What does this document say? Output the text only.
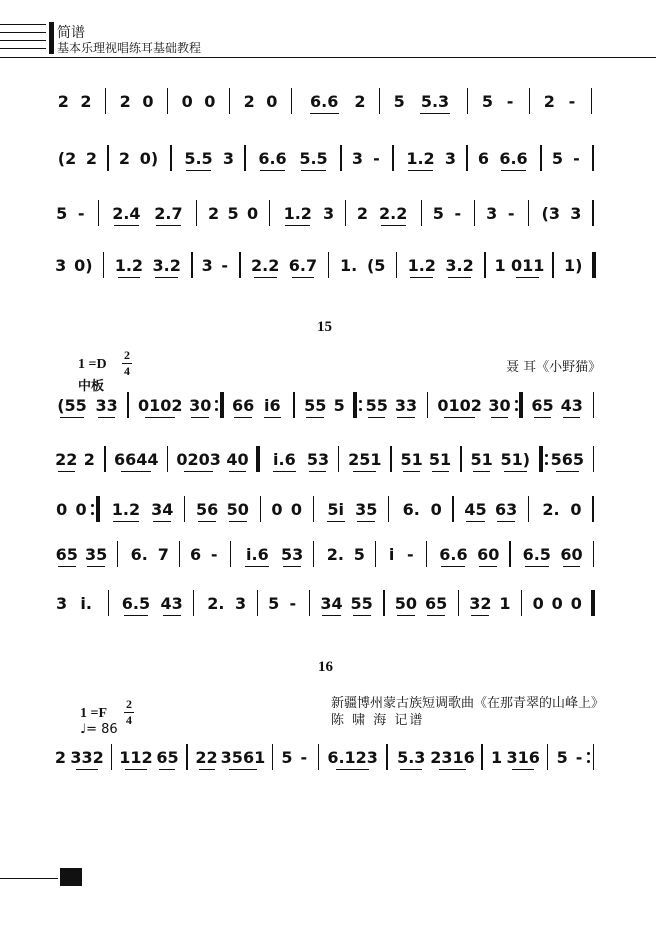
简谱
基本乐理视唱练耳基础教程
15
1 =D
2
4
中板
聂 耳《小野猫》
16
1 =F
2
4
♩= 86
新疆博州蒙古族短调歌曲《在那青翠的山峰上》
陈 啸 海 记谱
2 2	2 0	0 0	2 0	6.6	2	5	5.3	5 -	2 -
(2 2 2 0)	5.5 3	6.6 5.5	3 -	1.2 3 6 6.6	5 -
5 -	2.4 2.7	2 5 0	1.2 3 2 2.2	5 -	3 -	(3 3
3 0) 1.2 3.2 3 -	2.2 6.7	1. (5 1.2 3.2 1 011 1)
(55 33 0102 30 66 i6	55 5 55 33 0102 30 65 43
22 2 6644 0203 40	i.6 53 251 51 51 51 51) 565
0 0	1.2 34 56 50 0 0	5i 35	6. 0 45 63	2. 0
65 35	6. 7 6 -	i.6 53	2. 5	i -	6.6 60	6.5 60
3 i.	6.5 43	2. 3 5 -	34 55 50 65 32 1 0 0 0
2 332 112 65 22 3561 5 -	6.123 5.3 2316 1 316 5 -
